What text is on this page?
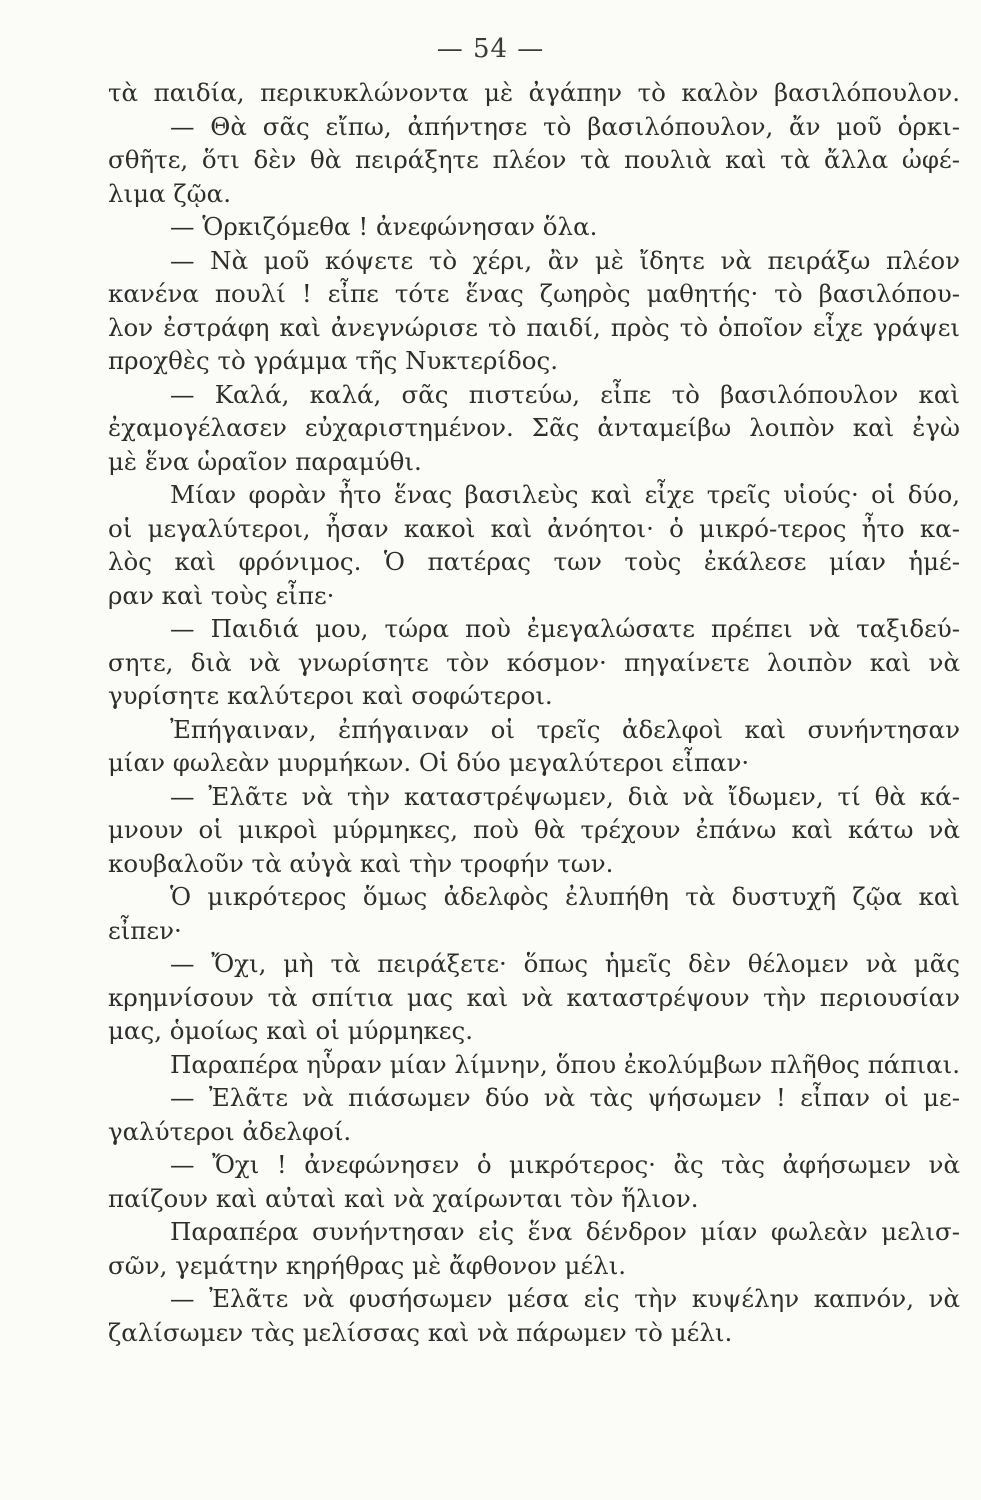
— 54 —
τὰ παιδία, περικυκλώνοντα μὲ ἀγάπην τὸ καλὸν βασιλόπουλον.
— Θὰ σᾶς εἴπω, ἀπήντησε τὸ βασιλόπουλον, ἄν μοῦ ὁρκι-
σθῆτε, ὅτι δὲν θὰ πειράξητε πλέον τὰ πουλιὰ καὶ τὰ ἄλλα ὠφέ-
λιμα ζῷα.
— Ὁρκιζόμεθα ! ἀνεφώνησαν ὅλα.
— Νὰ μοῦ κόψετε τὸ χέρι, ἂν μὲ ἴδητε νὰ πειράξω πλέον
κανένα πουλί ! εἶπε τότε ἕνας ζωηρὸς μαθητής· τὸ βασιλόπου-
λον ἐστράφη καὶ ἀνεγνώρισε τὸ παιδί, πρὸς τὸ ὁποῖον εἶχε γράψει
προχθὲς τὸ γράμμα τῆς Νυκτερίδος.
— Καλά, καλά, σᾶς πιστεύω, εἶπε τὸ βασιλόπουλον καὶ
ἐχαμογέλασεν εὐχαριστημένον. Σᾶς ἀνταμείβω λοιπὸν καὶ ἐγὼ
μὲ ἕνα ὡραῖον παραμύθι.
Μίαν φορὰν ἦτο ἕνας βασιλεὺς καὶ εἶχε τρεῖς υἱούς· οἱ δύο,
οἱ μεγαλύτεροι, ἦσαν κακοὶ καὶ ἀνόητοι· ὁ μικρό-τερος ἦτο κα-
λὸς καὶ φρόνιμος. Ὁ πατέρας των τοὺς ἐκάλεσε μίαν ἡμέ-
ραν καὶ τοὺς εἶπε·
— Παιδιά μου, τώρα ποὺ ἐμεγαλώσατε πρέπει νὰ ταξιδεύ-
σητε, διὰ νὰ γνωρίσητε τὸν κόσμον· πηγαίνετε λοιπὸν καὶ νὰ
γυρίσητε καλύτεροι καὶ σοφώτεροι.
Ἐπήγαιναν, ἐπήγαιναν οἱ τρεῖς ἀδελφοὶ καὶ συνήντησαν
μίαν φωλεὰν μυρμήκων. Οἱ δύο μεγαλύτεροι εἶπαν·
— Ἐλᾶτε νὰ τὴν καταστρέψωμεν, διὰ νὰ ἴδωμεν, τί θὰ κά-
μνουν οἱ μικροὶ μύρμηκες, ποὺ θὰ τρέχουν ἐπάνω καὶ κάτω νὰ
κουβαλοῦν τὰ αὐγὰ καὶ τὴν τροφήν των.
Ὁ μικρότερος ὅμως ἀδελφὸς ἐλυπήθη τὰ δυστυχῆ ζῷα καὶ
εἶπεν·
— Ὄχι, μὴ τὰ πειράξετε· ὅπως ἡμεῖς δὲν θέλομεν νὰ μᾶς
κρημνίσουν τὰ σπίτια μας καὶ νὰ καταστρέψουν τὴν περιουσίαν
μας, ὁμοίως καὶ οἱ μύρμηκες.
Παραπέρα ηὗραν μίαν λίμνην, ὅπου ἐκολύμβων πλῆθος πάπιαι.
— Ἐλᾶτε νὰ πιάσωμεν δύο νὰ τὰς ψήσωμεν ! εἶπαν οἱ με-
γαλύτεροι ἀδελφοί.
— Ὄχι ! ἀνεφώνησεν ὁ μικρότερος· ἂς τὰς ἀφήσωμεν νὰ
παίζουν καὶ αὐταὶ καὶ νὰ χαίρωνται τὸν ἥλιον.
Παραπέρα συνήντησαν εἰς ἕνα δένδρον μίαν φωλεὰν μελισ-
σῶν, γεμάτην κηρήθρας μὲ ἄφθονον μέλι.
— Ἐλᾶτε νὰ φυσήσωμεν μέσα εἰς τὴν κυψέλην καπνόν, νὰ
ζαλίσωμεν τὰς μελίσσας καὶ νὰ πάρωμεν τὸ μέλι.
